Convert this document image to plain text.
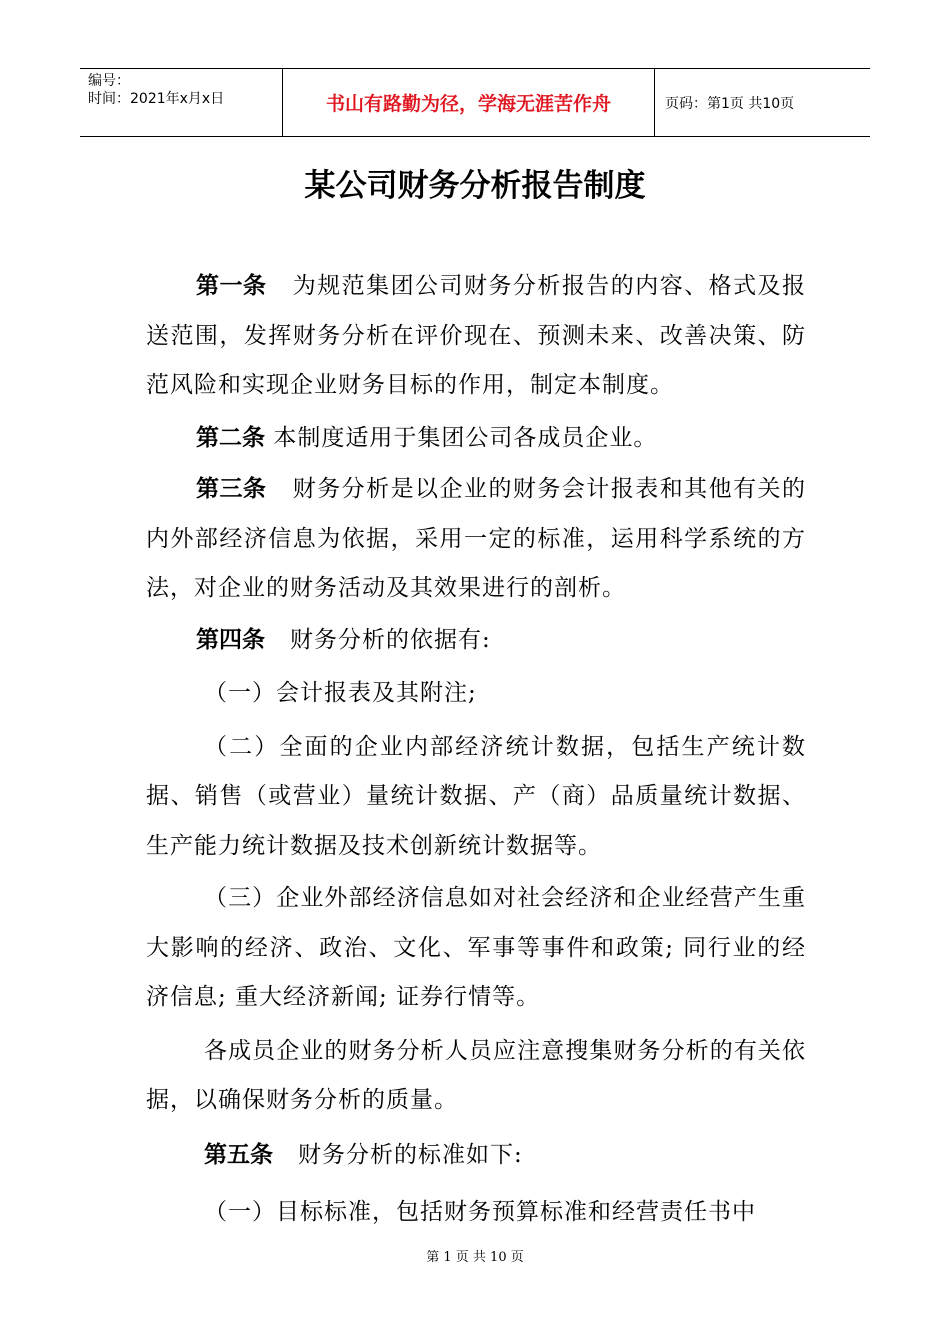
编号：
时间：2021年x月x日	书山有路勤为径，学海无涯苦作舟	页码：第1页 共10页
某公司财务分析报告制度

第一条 为规范集团公司财务分析报告的内容、格式及报送范围，发挥财务分析在评价现在、预测未来、改善决策、防范风险和实现企业财务目标的作用，制定本制度。

第二条 本制度适用于集团公司各成员企业。

第三条 财务分析是以企业的财务会计报表和其他有关的内外部经济信息为依据，采用一定的标准，运用科学系统的方法，对企业的财务活动及其效果进行的剖析。

第四条 财务分析的依据有:

（一）会计报表及其附注;

（二）全面的企业内部经济统计数据，包括生产统计数据、销售（或营业）量统计数据、产（商）品质量统计数据、生产能力统计数据及技术创新统计数据等。

（三）企业外部经济信息如对社会经济和企业经营产生重大影响的经济、政治、文化、军事等事件和政策; 同行业的经济信息; 重大经济新闻; 证券行情等。

各成员企业的财务分析人员应注意搜集财务分析的有关依据，以确保财务分析的质量。

第五条 财务分析的标准如下:

（一）目标标准，包括财务预算标准和经营责任书中

第 1 页 共 10 页
